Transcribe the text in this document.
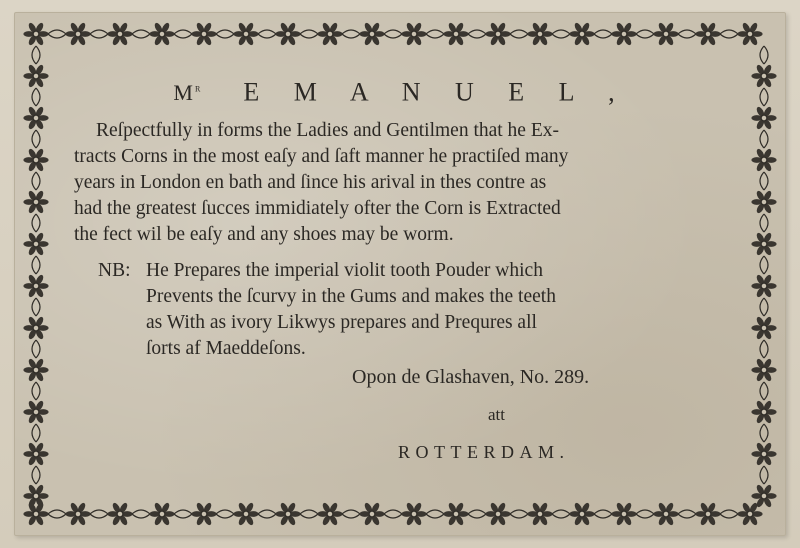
$M^r$ E M A N U E L ,
Reſpectfully in forms the Ladies and Gentilmen that he Ex-
tracts Corns in the most eaſy and ſaft manner he practiſed many
years in London en bath and ſince his arival in thes contre as
had the greatest ſucces immidiately ofter the Corn is Extracted
the fect wil be eaſy and any shoes may be worm.
NB: He Prepares the imperial violit tooth Pouder which
Prevents the ſcurvy in the Gums and makes the teeth
as With as ivory Likwys prepares and Prequres all
ſorts af Maeddeſons.
Opon de Glashaven, No. 289.
att
ROTTERDAM.
